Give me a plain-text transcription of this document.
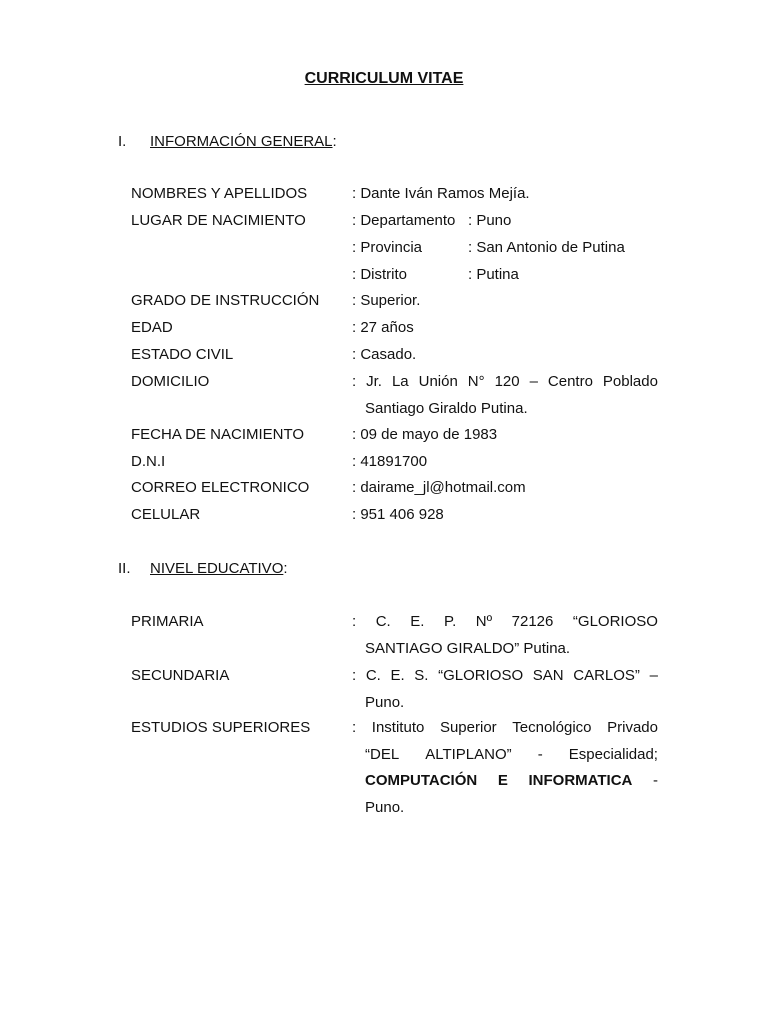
CURRICULUM VITAE
I. INFORMACIÓN GENERAL:
NOMBRES Y APELLIDOS	: Dante Iván Ramos Mejía.
LUGAR DE NACIMIENTO	: Departamento : Puno
: Provincia	: San Antonio de Putina
: Distrito	: Putina
GRADO DE INSTRUCCIÓN : Superior.
EDAD	: 27 años
ESTADO CIVIL	: Casado.
DOMICILIO	: Jr. La Unión N° 120 – Centro Poblado
Santiago Giraldo Putina.
FECHA DE NACIMIENTO	: 09 de mayo de 1983
D.N.I	: 41891700
CORREO ELECTRONICO	: dairame_jl@hotmail.com
CELULAR	: 951 406 928
II. NIVEL EDUCATIVO:
PRIMARIA	: C. E. P. Nº 72126 “GLORIOSO
SANTIAGO GIRALDO” Putina.
SECUNDARIA	: C. E. S. “GLORIOSO SAN CARLOS” –
Puno.
ESTUDIOS SUPERIORES	: Instituto Superior Tecnológico Privado
“DEL ALTIPLANO” - Especialidad;
COMPUTACIÓN E INFORMATICA -
Puno.
